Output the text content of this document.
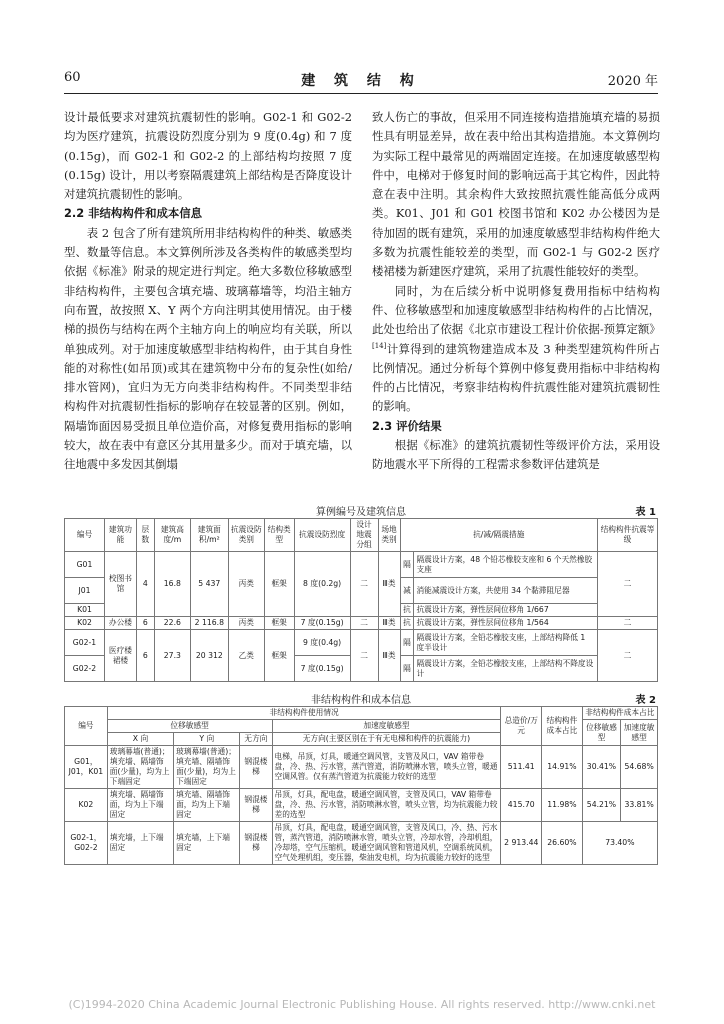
60	建 筑 结 构	2020 年

设计最低要求对建筑抗震韧性的影响。G02-1 和 G02-2 均为医疗建筑，抗震设防烈度分别为 9 度(0.4g) 和 7 度(0.15g)，而 G02-1 和 G02-2 的上部结构均按照 7 度(0.15g) 设计，用以考察隔震建筑上部结构是否降度设计对建筑抗震韧性的影响。

2.2 非结构构件和成本信息

表 2 包含了所有建筑所用非结构构件的种类、敏感类型、数量等信息。本文算例所涉及各类构件的敏感类型均依据《标准》附录的规定进行判定。绝大多数位移敏感型非结构构件，主要包含填充墙、玻璃幕墙等，均沿主轴方向布置，故按照 X、Y 两个方向注明其使用情况。由于楼梯的损伤与结构在两个主轴方向上的响应均有关联，所以单独成列。对于加速度敏感型非结构构件，由于其自身性能的对称性(如吊顶)或其在建筑物中分布的复杂性(如给/排水管网)，宜归为无方向类非结构构件。不同类型非结构构件对抗震韧性指标的影响存在较显著的区别。例如，隔墙饰面因易受损且单位造价高，对修复费用指标的影响较大，故在表中有意区分其用量多少。而对于填充墙，以往地震中多发因其倒塌

致人伤亡的事故，但采用不同连接构造措施填充墙的易损性具有明显差异，故在表中给出其构造措施。本文算例均为实际工程中最常见的两端固定连接。在加速度敏感型构件中，电梯对于修复时间的影响远高于其它构件，因此特意在表中注明。其余构件大致按照抗震性能高低分成两类。K01、J01 和 G01 校图书馆和 K02 办公楼因为是待加固的既有建筑，采用的加速度敏感型非结构构件绝大多数为抗震性能较差的类型，而 G02-1 与 G02-2 医疗楼裙楼为新建医疗建筑，采用了抗震性能较好的类型。

同时，为在后续分析中说明修复费用指标中结构构件、位移敏感型和加速度敏感型非结构构件的占比情况，此处也给出了依据《北京市建设工程计价依据-预算定额》[14]计算得到的建筑物建造成本及 3 种类型建筑构件所占比例情况。通过分析每个算例中修复费用指标中非结构构件的占比情况，考察非结构构件抗震性能对建筑抗震韧性的影响。

2.3 评价结果

根据《标准》的建筑抗震韧性等级评价方法，采用设防地震水平下所得的工程需求参数评估建筑是

算例编号及建筑信息	表 1
编号	建筑功能	层数	建筑高度/m	建筑面积/m²	抗震设防类别	结构类型	抗震设防烈度	设计地震分组	场地类别	抗/减/隔震措施		结构构件抗震等级
G01	校图书馆	4	16.8	5 437	丙类	框架	8 度(0.2g)	二	Ⅲ类	隔	隔震设计方案，48 个铅芯橡胶支座和 6 个天然橡胶支座	二
J01										减	消能减震设计方案，共使用 34 个黏滞阻尼器	
K01										抗	抗震设计方案，弹性层间位移角 1/667	
K02	办公楼	6	22.6	2 116.8	丙类	框架	7 度(0.15g)	二	Ⅲ类	抗	抗震设计方案，弹性层间位移角 1/564	二
G02-1	医疗楼裙楼	6	27.3	20 312	乙类	框架	9 度(0.4g)	二	Ⅲ类	隔	隔震设计方案，全铅芯橡胶支座，上部结构降低 1 度半设计	二
G02-2							7 度(0.15g)			隔	隔震设计方案，全铅芯橡胶支座，上部结构不降度设计	
非结构构件和成本信息	表 2
编号	非结构构件使用情况				总造价/万元	结构构件成本占比	非结构构件成本占比	
	位移敏感型			加速度敏感型				
							位移敏感型	加速度敏感型
	X 向	Y 向	无方向	无方向(主要区别在于有无电梯和构件的抗震能力)				
G01，J01，K01	玻璃幕墙(普通)；填充墙、隔墙饰面(少量)，均为上下端固定	玻璃幕墙(普通)；填充墙、隔墙饰面(少量)，均为上下端固定	钢混楼梯	电梯，吊顶，灯具，暖通空调风管，支管及风口，VAV 箱带卷盘，冷、热、污水管，蒸汽管道，消防喷淋水管，喷头立管，暖通空调风管。仅有蒸汽管道为抗震能力较好的选型	511.41	14.91%	30.41%	54.68%
K02	填充墙、隔墙饰面，均为上下端固定	填充墙、隔墙饰面，均为上下端固定	钢混楼梯	吊顶，灯具，配电盘，暖通空调风管，支管及风口，VAV 箱带卷盘，冷、热、污水管，消防喷淋水管，喷头立管，均为抗震能力较差的选型	415.70	11.98%	54.21%	33.81%
G02-1，G02-2	填充墙，上下端固定	填充墙，上下端固定	钢混楼梯	吊顶，灯具，配电盘，暖通空调风管，支管及风口，冷、热、污水管，蒸汽管道，消防喷淋水管，喷头立管，冷却水管，冷却机组，冷却塔，空气压缩机，暖通空调风管和管道风机，空调系统风机，空气处理机组，变压器，柴油发电机，均为抗震能力较好的选型	2 913.44	26.60%	73.40%	
(C)1994-2020 China Academic Journal Electronic Publishing House. All rights reserved. http://www.cnki.net
